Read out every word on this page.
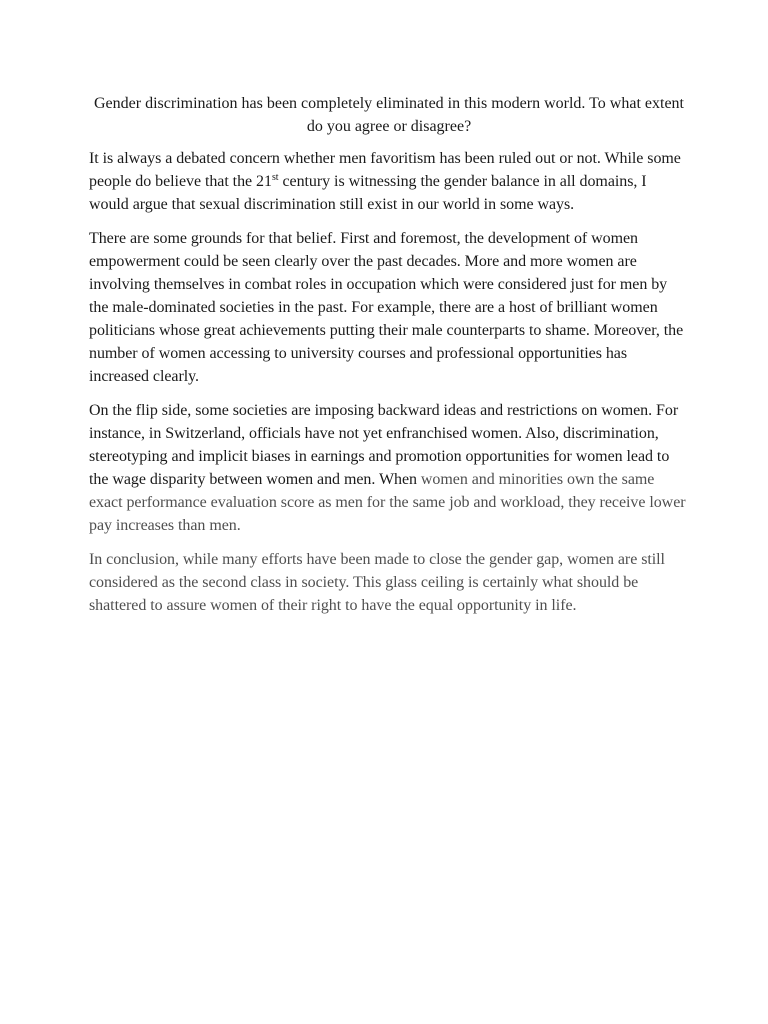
Gender discrimination has been completely eliminated in this modern world. To what extent do you agree or disagree?

It is always a debated concern whether men favoritism has been ruled out or not. While some people do believe that the 21st century is witnessing the gender balance in all domains, I would argue that sexual discrimination still exist in our world in some ways.

There are some grounds for that belief. First and foremost, the development of women empowerment could be seen clearly over the past decades. More and more women are involving themselves in combat roles in occupation which were considered just for men by the male-dominated societies in the past. For example, there are a host of brilliant women politicians whose great achievements putting their male counterparts to shame. Moreover, the number of women accessing to university courses and professional opportunities has increased clearly.

On the flip side, some societies are imposing backward ideas and restrictions on women. For instance, in Switzerland, officials have not yet enfranchised women. Also, discrimination, stereotyping and implicit biases in earnings and promotion opportunities for women lead to the wage disparity between women and men. When women and minorities own the same exact performance evaluation score as men for the same job and workload, they receive lower pay increases than men.

In conclusion, while many efforts have been made to close the gender gap, women are still considered as the second class in society. This glass ceiling is certainly what should be shattered to assure women of their right to have the equal opportunity in life.
